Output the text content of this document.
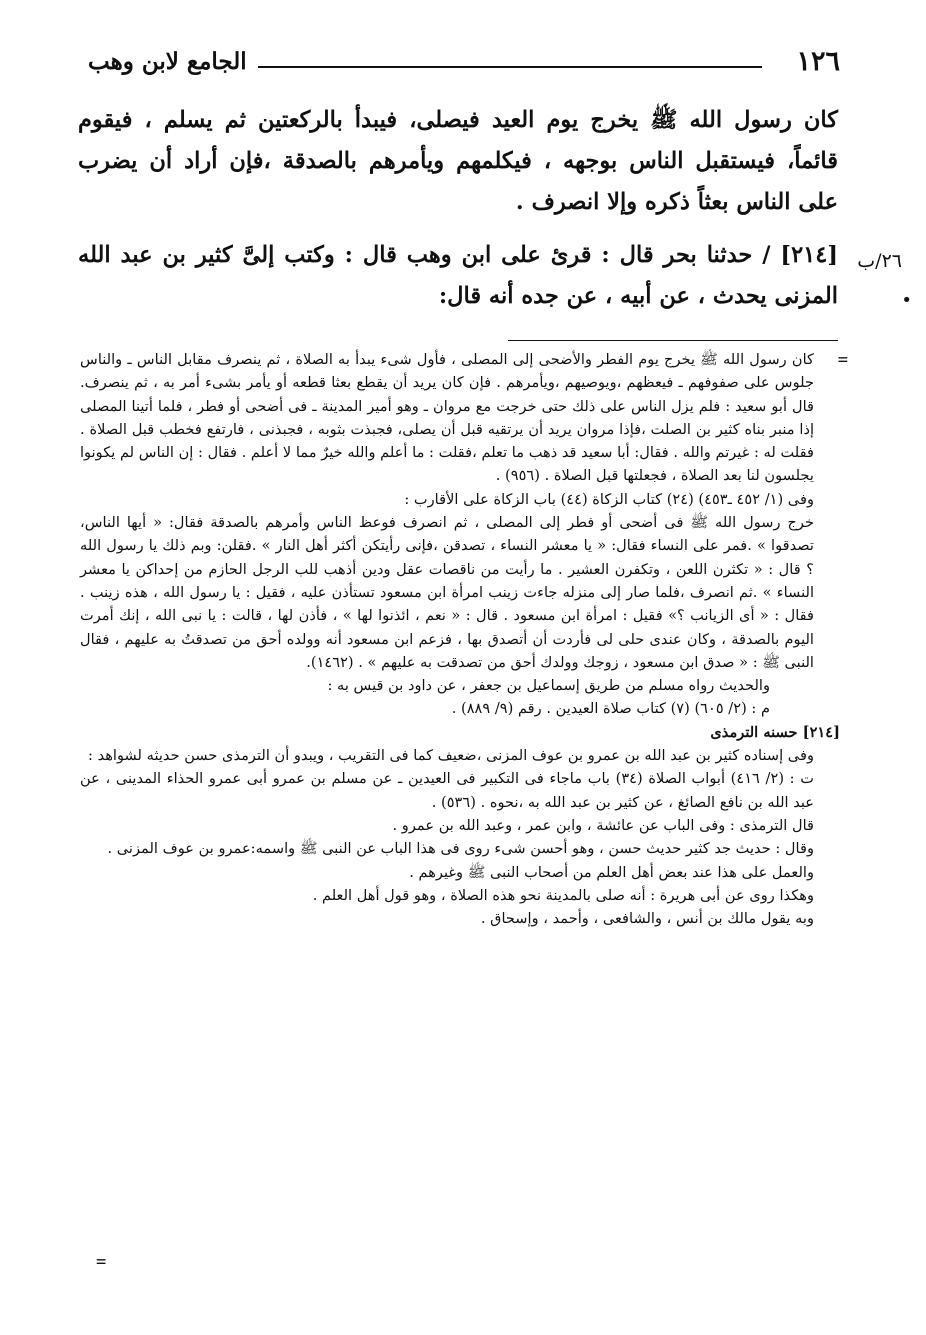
١٢٦
الجامع لابن وهب
٢٦/ب
•

كان رسول الله ﷺ يخرج يوم العيد فيصلى، فيبدأ بالركعتين ثم يسلم ، فيقوم قائماً، فيستقبل الناس بوجهه ، فيكلمهم ويأمرهم بالصدقة ،فإن أراد أن يضرب على الناس بعثاً ذكره وإلا انصرف .

[٢١٤] / حدثنا بحر قال : قرئ على ابن وهب قال : وكتب إلىَّ كثير بن عبد الله المزنى يحدث ، عن أبيه ، عن جده أنه قال:

=

كان رسول الله ﷺ يخرج يوم الفطر والأضحى إلى المصلى ، فأول شىء يبدأ به الصلاة ، ثم ينصرف مقابل الناس ـ والناس جلوس على صفوفهم ـ فيعظهم ،ويوصيهم ،ويأمرهم . فإن كان يريد أن يقطع بعثا قطعه أو يأمر بشىء أمر به ، ثم ينصرف. قال أبو سعيد : فلم يزل الناس على ذلك حتى خرجت مع مروان ـ وهو أمير المدينة ـ فى أضحى أو فطر ، فلما أتينا المصلى إذا منبر بناه كثير بن الصلت ،فإذا مروان يريد أن يرتقيه قبل أن يصلى، فجبذت بثوبه ، فجبذنى ، فارتفع فخطب قبل الصلاة . فقلت له : غيرتم والله . فقال: أبا سعيد قد ذهب ما تعلم ،فقلت : ما أعلم والله خيرٌ مما لا أعلم . فقال : إن الناس لم يكونوا يجلسون لنا بعد الصلاة ، فجعلتها قبل الصلاة . (٩٥٦) .

وفى (١/ ٤٥٢ ـ٤٥٣) (٢٤) كتاب الزكاة (٤٤) باب الزكاة على الأقارب :

خرج رسول الله ﷺ فى أضحى أو فطر إلى المصلى ، ثم انصرف فوعظ الناس وأمرهم بالصدقة فقال: « أيها الناس، تصدقوا » .فمر على النساء فقال: « يا معشر النساء ، تصدقن ،فإنى رأيتكن أكثر أهل النار » .فقلن: وبم ذلك يا رسول الله ؟ قال : « تكثرن اللعن ، وتكفرن العشير . ما رأيت من ناقصات عقل ودين أذهب للب الرجل الحازم من إحداكن يا معشر النساء » .ثم انصرف ،فلما صار إلى منزله جاءت زينب امرأة ابن مسعود تستأذن عليه ، فقيل : يا رسول الله ، هذه زينب . فقال : « أى الزيانب ؟» فقيل : امرأة ابن مسعود . قال : « نعم ، ائذنوا لها » ، فأذن لها ، قالت : يا نبى الله ، إنك أمرت اليوم بالصدقة ، وكان عندى حلى لى فأردت أن أتصدق بها ، فزعم ابن مسعود أنه وولده أحق من تصدقتُ به عليهم ، فقال النبى ﷺ : « صدق ابن مسعود ، زوجك وولدك أحق من تصدقت به عليهم » . (١٤٦٢).

والحديث رواه مسلم من طريق إسماعيل بن جعفر ، عن داود بن قيس به :

م : (٢/ ٦٠٥) (٧) كتاب صلاة العيدين . رقم (٩/ ٨٨٩) .

[٢١٤] حسنه الترمذى

وفى إسناده كثير بن عبد الله بن عمرو بن عوف المزنى ،ضعيف كما فى التقريب ، ويبدو أن الترمذى حسن حديثه لشواهد :

ت : (٢/ ٤١٦) أبواب الصلاة (٣٤) باب ماجاء فى التكبير فى العيدين ـ عن مسلم بن عمرو أبى عمرو الحذاء المدينى ، عن عبد الله بن نافع الصائغ ، عن كثير بن عبد الله به ،نحوه . (٥٣٦) .

قال الترمذى : وفى الباب عن عائشة ، وابن عمر ، وعبد الله بن عمرو .

وقال : حديث جد كثير حديث حسن ، وهو أحسن شىء روى فى هذا الباب عن النبى ﷺ واسمه:عمرو بن عوف المزنى .

والعمل على هذا عند بعض أهل العلم من أصحاب النبى ﷺ وغيرهم .

وهكذا روى عن أبى هريرة : أنه صلى بالمدينة نحو هذه الصلاة ، وهو قول أهل العلم .

وبه يقول مالك بن أنس ، والشافعى ، وأحمد ، وإسحاق .

=
